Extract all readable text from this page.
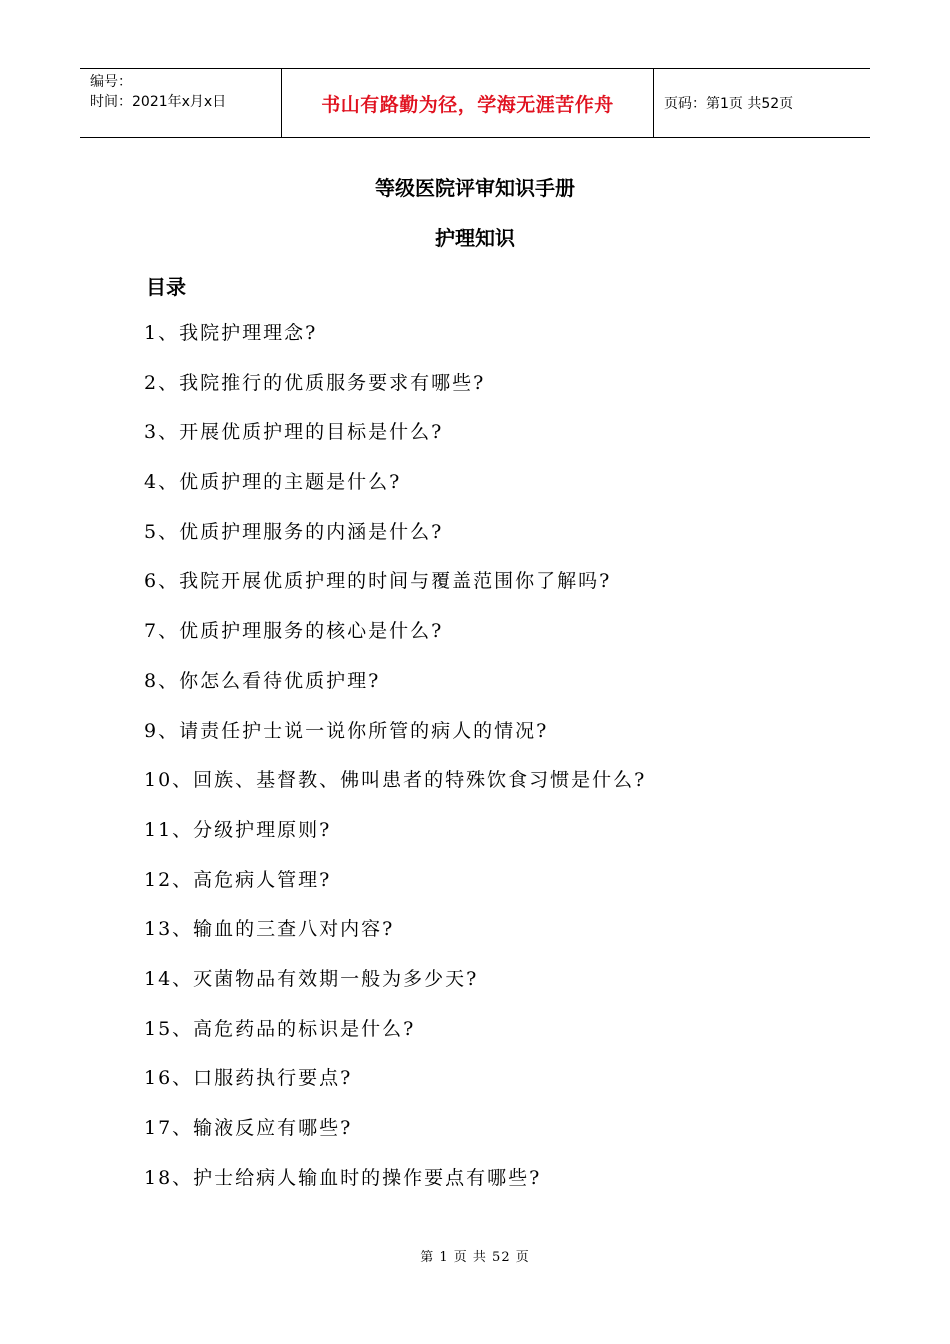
编号：
时间：2021年x月x日	书山有路勤为径，学海无涯苦作舟	页码：第1页 共52页
等级医院评审知识手册
护理知识
目录
1、我院护理理念?
2、我院推行的优质服务要求有哪些?
3、开展优质护理的目标是什么?
4、优质护理的主题是什么?
5、优质护理服务的内涵是什么?
6、我院开展优质护理的时间与覆盖范围你了解吗?
7、优质护理服务的核心是什么?
8、你怎么看待优质护理?
9、请责任护士说一说你所管的病人的情况?
10、回族、基督教、佛叫患者的特殊饮食习惯是什么?
11、分级护理原则?
12、高危病人管理?
13、输血的三查八对内容?
14、灭菌物品有效期一般为多少天?
15、高危药品的标识是什么?
16、口服药执行要点?
17、输液反应有哪些?
18、护士给病人输血时的操作要点有哪些?
第 1 页 共 52 页
